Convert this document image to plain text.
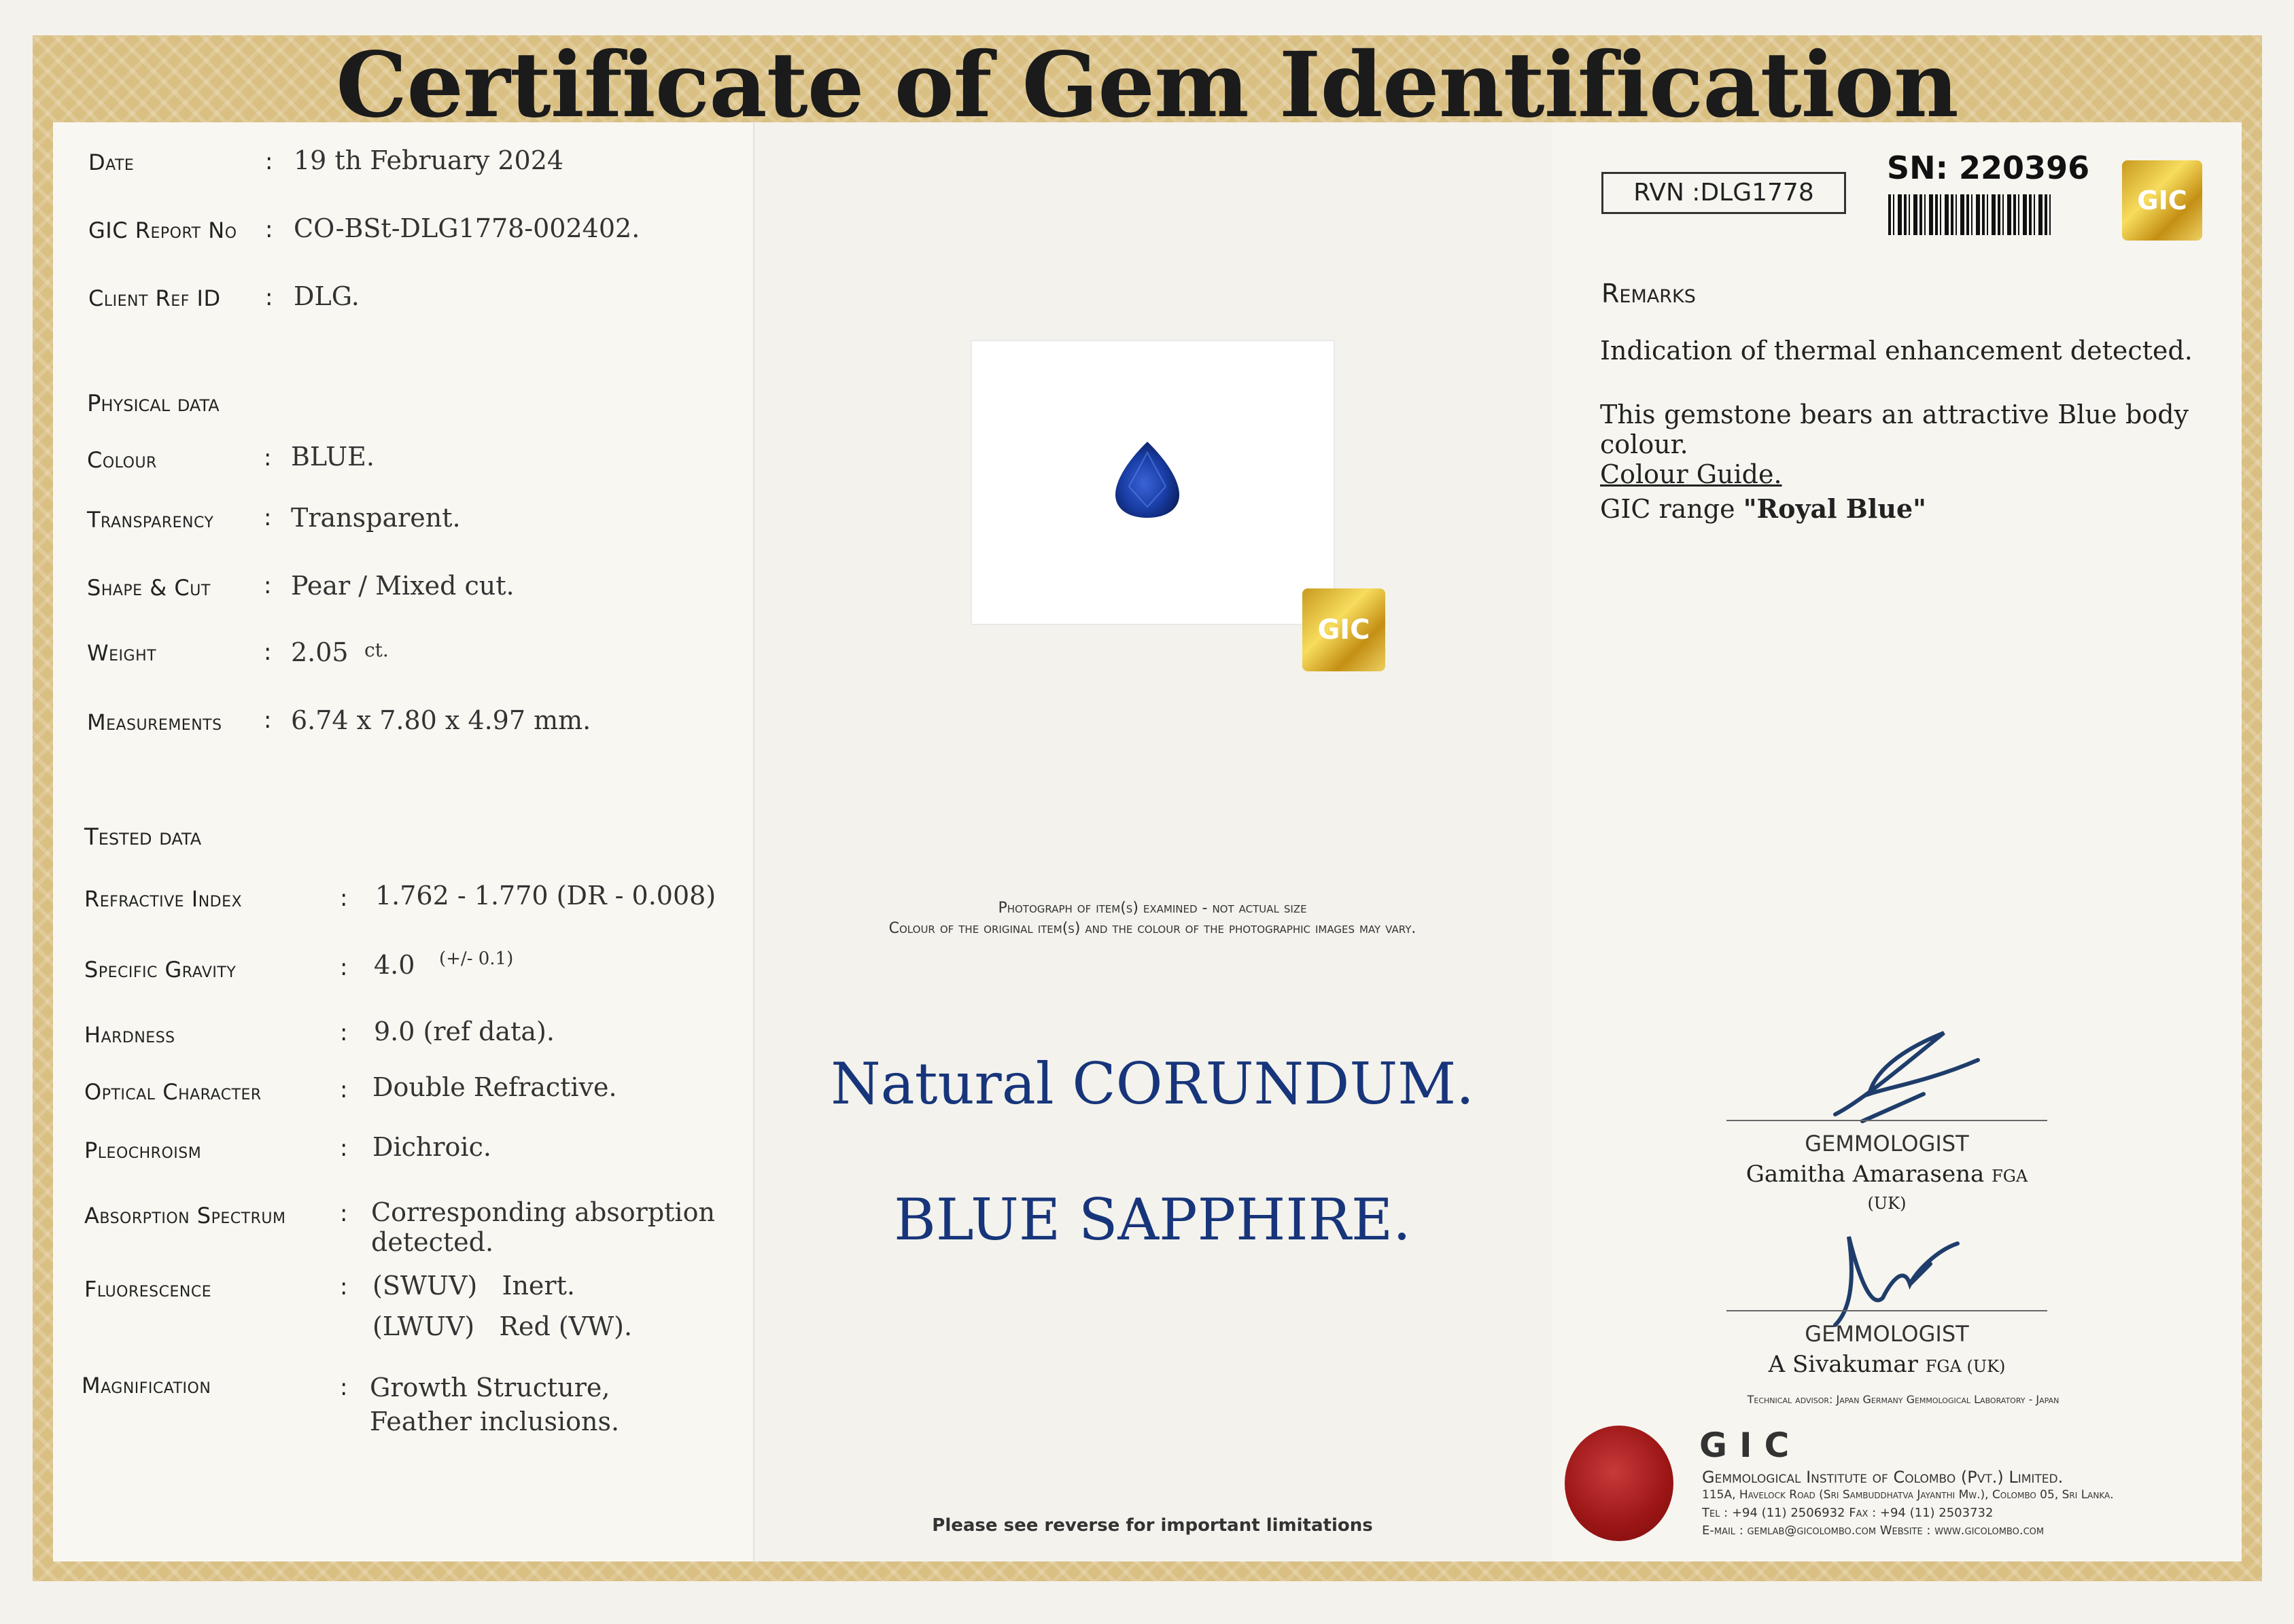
Certificate of Gem Identification
Date	: 19 th February 2024
GIC Report No : CO-BSt-DLG1778-002402.
Client Ref ID : DLG.
Physical data
Colour	: BLUE.
Transparency : Transparent.
Shape & Cut : Pear / Mixed cut.
Weight	: 2.05 ct.
Measurements : 6.74 x 7.80 x 4.97 mm.
Tested data
Refractive Index	: 1.762 - 1.770 (DR - 0.008)
Specific Gravity	: 4.0 (+/- 0.1)
Hardness	: 9.0 (ref data).
Optical Character	: Double Refractive.
Pleochroism	: Dichroic.
Absorption Spectrum : Corresponding absorption
detected.
Fluorescence	: (SWUV)   Inert.
(LWUV)   Red (VW).
Magnification	: Growth Structure,
Feather inclusions.
GIC
Photograph of item(s) examined - not actual size
Colour of the original item(s) and the colour of the photographic images may vary.
Natural CORUNDUM.
BLUE SAPPHIRE.
Please see reverse for important limitations
RVN :DLG1778
SN: 220396
GIC
Remarks
Indication of thermal enhancement detected.
This gemstone bears an attractive Blue body colour.
Colour Guide.
GIC range "Royal Blue"
GEMMOLOGIST
Gamitha Amarasena FGA (UK)
GEMMOLOGIST
A Sivakumar FGA (UK)
Technical advisor: Japan Germany Gemmological Laboratory - Japan
GIC
Gemmological Institute of Colombo (Pvt.) Limited.
115A, Havelock Road (Sri Sambuddhatva Jayanthi Mw.), Colombo 05, Sri Lanka.
Tel : +94 (11) 2506932 Fax : +94 (11) 2503732
E-mail : gemlab@gicolombo.com Website : www.gicolombo.com
